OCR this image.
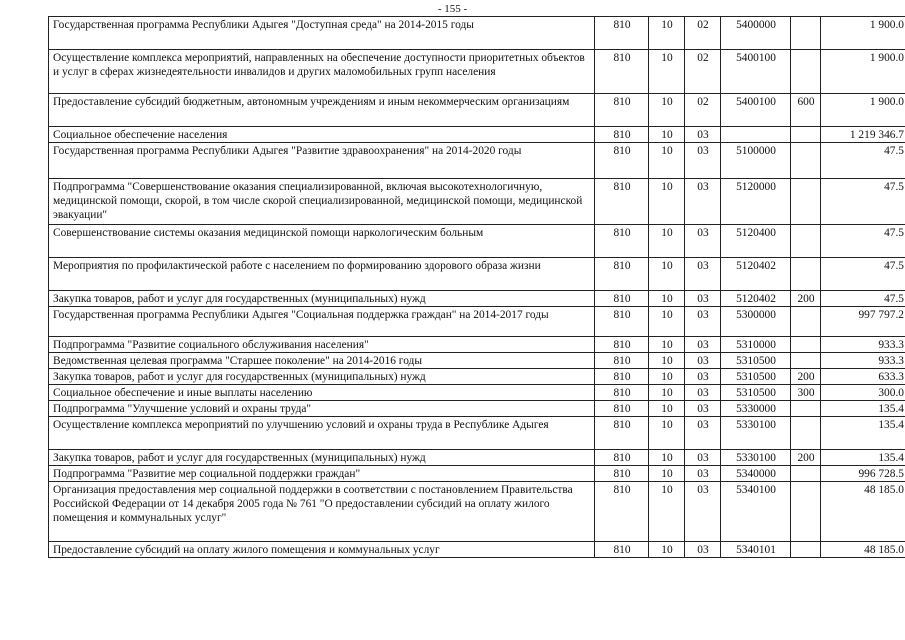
- 155 -
Государственная программа Республики Адыгея "Доступная среда" на 2014-2015 годы	810	10	02	5400000		1 900.0
Осуществление комплекса мероприятий, направленных на обеспечение доступности приоритетных объектов и услуг в сферах жизнедеятельности инвалидов и других маломобильных групп населения	810	10	02	5400100		1 900.0
Предоставление субсидий бюджетным, автономным учреждениям и иным некоммерческим организациям	810	10	02	5400100	600	1 900.0
Социальное обеспечение населения	810	10	03			1 219 346.7
Государственная программа Республики Адыгея "Развитие здравоохранения" на 2014-2020 годы	810	10	03	5100000		47.5
Подпрограмма "Совершенствование оказания специализированной, включая высокотехнологичную, медицинской помощи, скорой, в том числе скорой специализированной, медицинской помощи, медицинской эвакуации"	810	10	03	5120000		47.5
Совершенствование системы оказания медицинской помощи наркологическим больным	810	10	03	5120400		47.5
Мероприятия по профилактической работе с населением по формированию здорового образа жизни	810	10	03	5120402		47.5
Закупка товаров, работ и услуг для государственных (муниципальных) нужд	810	10	03	5120402	200	47.5
Государственная программа Республики Адыгея "Социальная поддержка граждан" на 2014-2017 годы	810	10	03	5300000		997 797.2
Подпрограмма "Развитие социального обслуживания населения"	810	10	03	5310000		933.3
Ведомственная целевая программа "Старшее поколение" на 2014-2016 годы	810	10	03	5310500		933.3
Закупка товаров, работ и услуг для государственных (муниципальных) нужд	810	10	03	5310500	200	633.3
Социальное обеспечение и иные выплаты населению	810	10	03	5310500	300	300.0
Подпрограмма "Улучшение условий и охраны труда"	810	10	03	5330000		135.4
Осуществление комплекса мероприятий по улучшению условий и охраны труда в Республике Адыгея	810	10	03	5330100		135.4
Закупка товаров, работ и услуг для государственных (муниципальных) нужд	810	10	03	5330100	200	135.4
Подпрограмма "Развитие мер социальной поддержки граждан"	810	10	03	5340000		996 728.5
Организация предоставления мер социальной поддержки в соответствии с постановлением Правительства Российской Федерации от 14 декабря 2005 года № 761 "О предоставлении субсидий на оплату жилого помещения и коммунальных услуг"	810	10	03	5340100		48 185.0
Предоставление субсидий на оплату жилого помещения и коммунальных услуг	810	10	03	5340101		48 185.0
